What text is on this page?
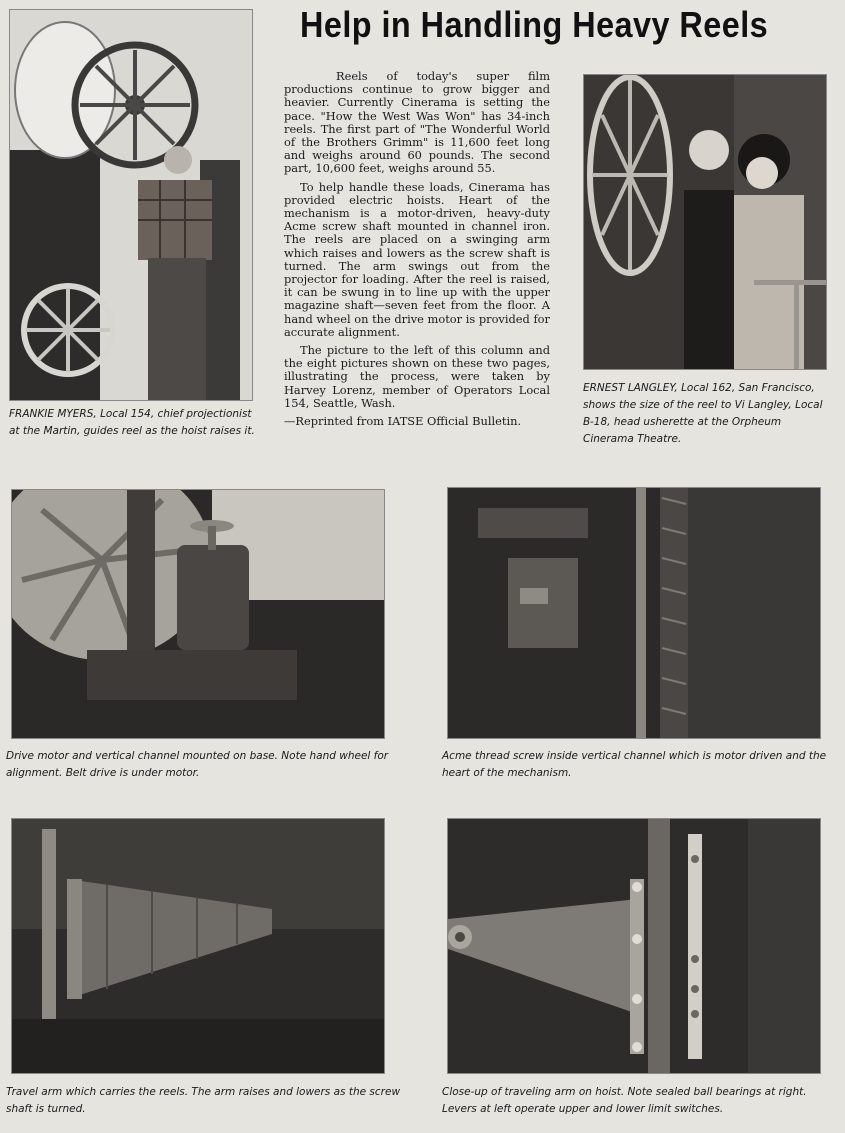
Help in Handling Heavy Reels
FRANKIE MYERS, Local 154, chief projectionist at the Martin, guides reel as the hoist raises it.

Reels of today's super film productions continue to grow bigger and heavier. Currently Cinerama is setting the pace. "How the West Was Won" has 34-inch reels. The first part of "The Wonderful World of the Brothers Grimm" is 11,600 feet long and weighs around 60 pounds. The second part, 10,600 feet, weighs around 55.

To help handle these loads, Cinerama has provided electric hoists. Heart of the mechanism is a motor-driven, heavy-duty Acme screw shaft mounted in channel iron. The reels are placed on a swinging arm which raises and lowers as the screw shaft is turned. The arm swings out from the projector for loading. After the reel is raised, it can be swung in to line up with the upper magazine shaft—seven feet from the floor. A hand wheel on the drive motor is provided for accurate alignment.

The picture to the left of this column and the eight pictures shown on these two pages, illustrating the process, were taken by Harvey Lorenz, member of Operators Local 154, Seattle, Wash.

—Reprinted from IATSE Official Bulletin.

ERNEST LANGLEY, Local 162, San Francisco, shows the size of the reel to Vi Langley, Local B-18, head usherette at the Orpheum Cinerama Theatre.
Drive motor and vertical channel mounted on base. Note hand wheel for alignment. Belt drive is under motor.
Acme thread screw inside vertical channel which is motor driven and the heart of the mechanism.
Travel arm which carries the reels. The arm raises and lowers as the screw shaft is turned.
Close-up of traveling arm on hoist. Note sealed ball bearings at right. Levers at left operate upper and lower limit switches.
